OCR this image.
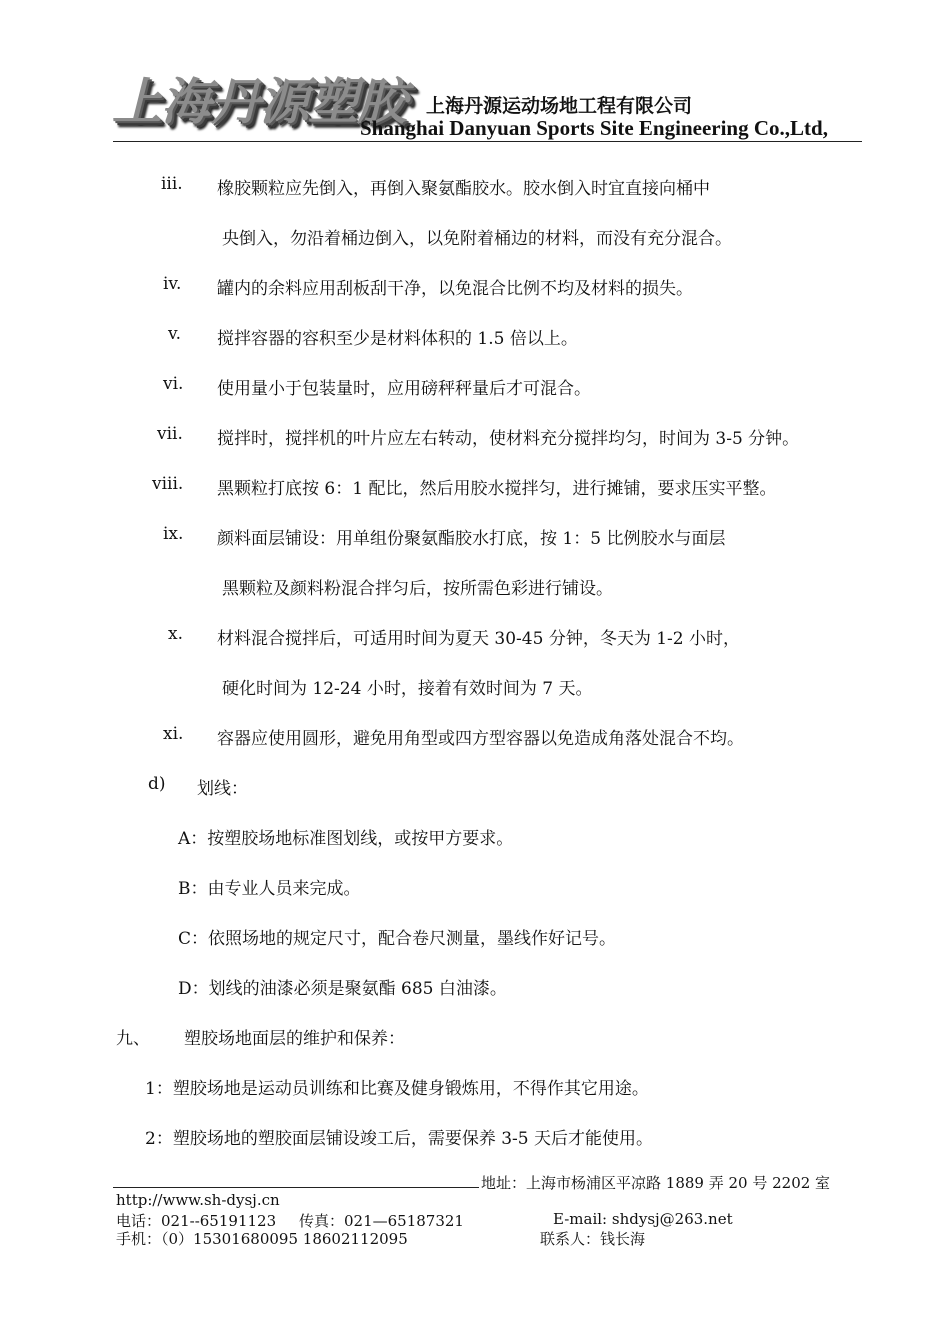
上海丹源塑胶 上海丹源运动场地工程有限公司
Shanghai Danyuan Sports Site Engineering Co.,Ltd,
iii. 橡胶颗粒应先倒入，再倒入聚氨酯胶水。胶水倒入时宜直接向桶中
央倒入，勿沿着桶边倒入，以免附着桶边的材料，而没有充分混合。
iv. 罐内的余料应用刮板刮干净，以免混合比例不均及材料的损失。
v. 搅拌容器的容积至少是材料体积的 1.5 倍以上。
vi. 使用量小于包装量时，应用磅秤秤量后才可混合。
vii. 搅拌时，搅拌机的叶片应左右转动，使材料充分搅拌均匀，时间为 3-5 分钟。
viii. 黑颗粒打底按 6：1 配比，然后用胶水搅拌匀，进行摊铺，要求压实平整。
ix. 颜料面层铺设：用单组份聚氨酯胶水打底，按 1：5 比例胶水与面层
黑颗粒及颜料粉混合拌匀后，按所需色彩进行铺设。
x. 材料混合搅拌后，可适用时间为夏天 30-45 分钟，冬天为 1-2 小时，
硬化时间为 12-24 小时，接着有效时间为 7 天。
xi. 容器应使用圆形，避免用角型或四方型容器以免造成角落处混合不均。
d) 划线：
A：按塑胶场地标准图划线，或按甲方要求。
B：由专业人员来完成。
C：依照场地的规定尺寸，配合卷尺测量，墨线作好记号。
D：划线的油漆必须是聚氨酯 685 白油漆。
九、 塑胶场地面层的维护和保养：
1：塑胶场地是运动员训练和比赛及健身锻炼用，不得作其它用途。
2：塑胶场地的塑胶面层铺设竣工后，需要保养 3-5 天后才能使用。
地址：上海市杨浦区平凉路 1889 弄 20 号 2202 室
http://www.sh-dysj.cn
电话：021--65191123 传真：021—65187321	E-mail: shdysj@263.net
手机：（0）15301680095 18602112095	联系人：钱长海
